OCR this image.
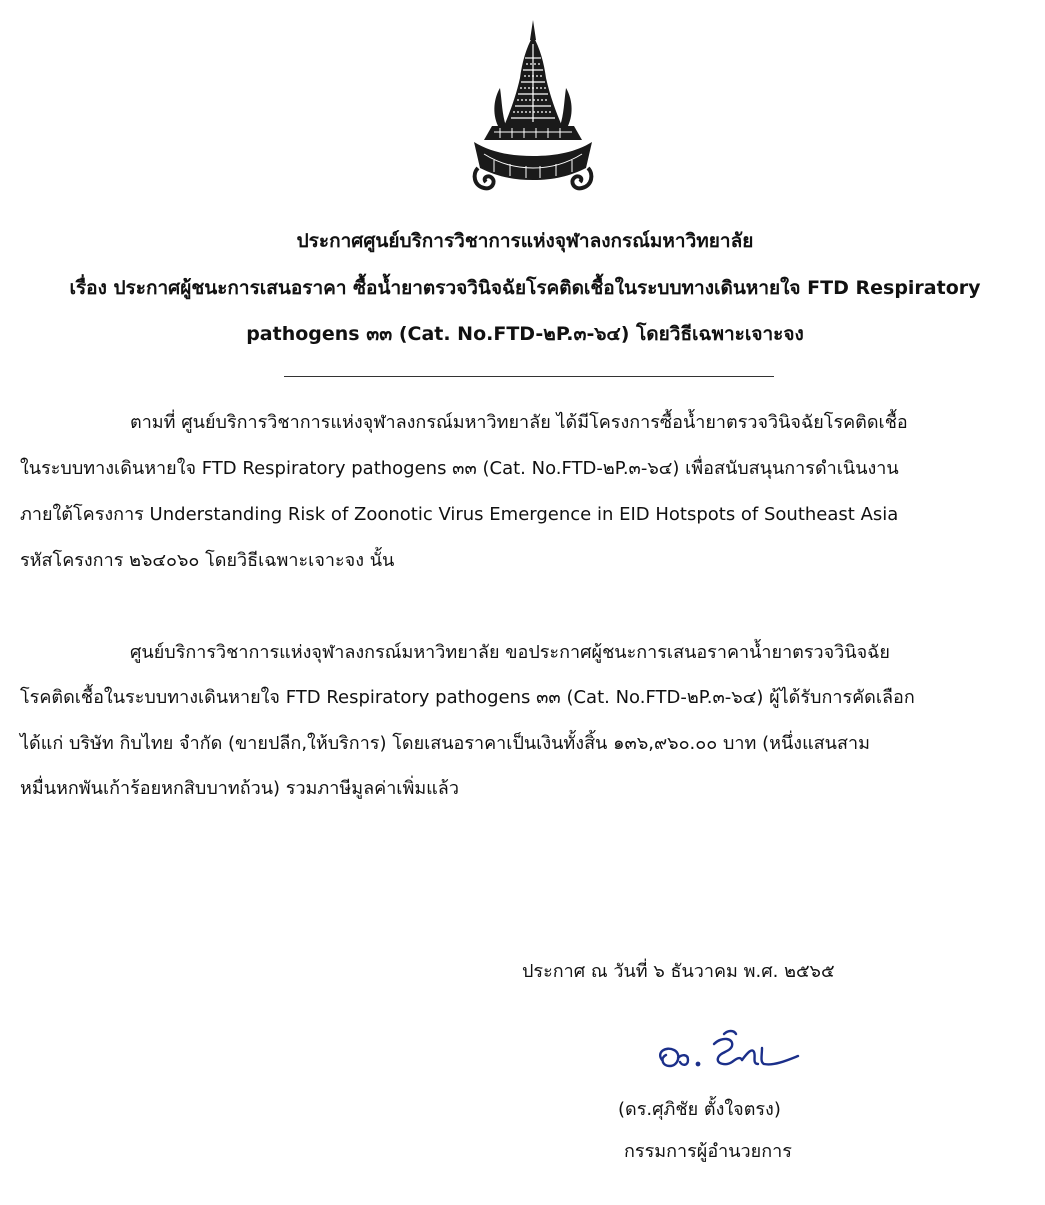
ประกาศศูนย์บริการวิชาการแห่งจุฬาลงกรณ์มหาวิทยาลัย
เรื่อง ประกาศผู้ชนะการเสนอราคา ซื้อน้ำยาตรวจวินิจฉัยโรคติดเชื้อในระบบทางเดินหายใจ FTD Respiratory
pathogens ๓๓ (Cat. No.FTD-๒P.๓-๖๔) โดยวิธีเฉพาะเจาะจง
ตามที่ ศูนย์บริการวิชาการแห่งจุฬาลงกรณ์มหาวิทยาลัย ได้มีโครงการซื้อน้ำยาตรวจวินิจฉัยโรคติดเชื้อ
ในระบบทางเดินหายใจ FTD Respiratory pathogens ๓๓ (Cat. No.FTD-๒P.๓-๖๔) เพื่อสนับสนุนการดำเนินงาน
ภายใต้โครงการ Understanding Risk of Zoonotic Virus Emergence in EID Hotspots of Southeast Asia
รหัสโครงการ ๒๖๔๐๖๐ โดยวิธีเฉพาะเจาะจง นั้น
ศูนย์บริการวิชาการแห่งจุฬาลงกรณ์มหาวิทยาลัย ขอประกาศผู้ชนะการเสนอราคาน้ำยาตรวจวินิจฉัย
โรคติดเชื้อในระบบทางเดินหายใจ FTD Respiratory pathogens ๓๓ (Cat. No.FTD-๒P.๓-๖๔) ผู้ได้รับการคัดเลือก
ได้แก่ บริษัท กิบไทย จำกัด (ขายปลีก,ให้บริการ) โดยเสนอราคาเป็นเงินทั้งสิ้น ๑๓๖,๙๖๐.๐๐ บาท (หนึ่งแสนสาม
หมื่นหกพันเก้าร้อยหกสิบบาทถ้วน) รวมภาษีมูลค่าเพิ่มแล้ว
ประกาศ ณ วันที่ ๖ ธันวาคม พ.ศ. ๒๕๖๕
(ดร.ศุภิชัย ตั้งใจตรง)
กรรมการผู้อำนวยการ
